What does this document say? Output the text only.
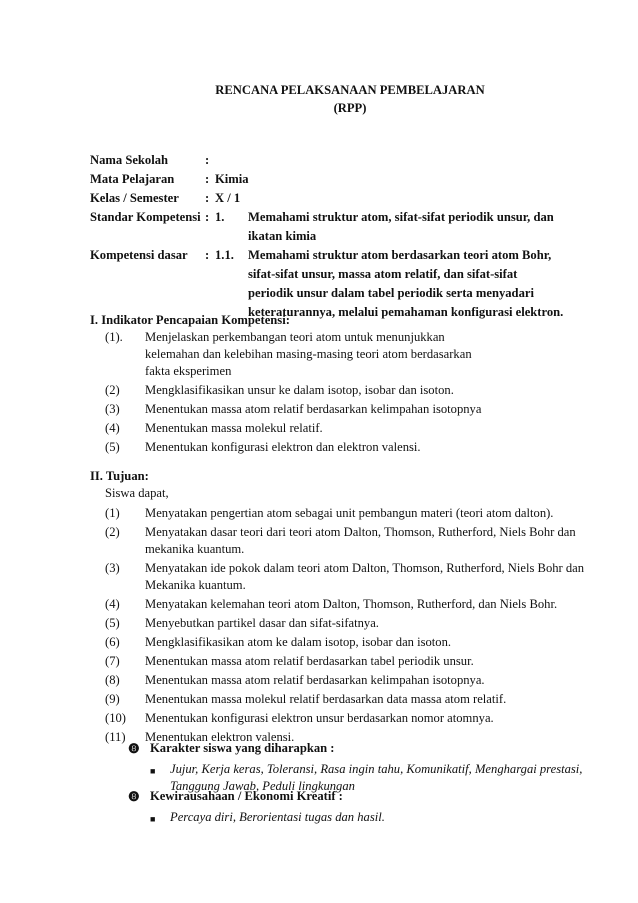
RENCANA PELAKSANAAN PEMBELAJARAN
(RPP)
Nama Sekolah	:
Mata Pelajaran	: Kimia
Kelas / Semester	: X / 1
Standar Kompetensi : 1.	Memahami struktur atom, sifat-sifat periodik unsur, dan
ikatan kimia
Kompetensi dasar	: 1.1.	Memahami struktur atom berdasarkan teori atom Bohr,
sifat-sifat unsur, massa atom relatif, dan sifat-sifat
periodik unsur dalam tabel periodik serta menyadari
keteraturannya, melalui pemahaman konfigurasi elektron.
I. Indikator Pencapaian Kompetensi:
(1).	Menjelaskan perkembangan teori atom untuk menunjukkan
kelemahan dan kelebihan masing-masing teori atom berdasarkan
fakta eksperimen
(2)	Mengklasifikasikan unsur ke dalam isotop, isobar dan isoton.
(3)	Menentukan massa atom relatif berdasarkan kelimpahan isotopnya
(4)	Menentukan massa molekul relatif.
(5)	Menentukan konfigurasi elektron dan elektron valensi.
II. Tujuan:
Siswa dapat,
(1)	Menyatakan pengertian atom sebagai unit pembangun materi (teori atom dalton).
(2)	Menyatakan dasar teori dari teori atom Dalton, Thomson, Rutherford, Niels Bohr dan
mekanika kuantum.
(3)	Menyatakan ide pokok dalam teori atom Dalton, Thomson, Rutherford, Niels Bohr dan
Mekanika kuantum.
(4)	Menyatakan kelemahan teori atom Dalton, Thomson, Rutherford, dan Niels Bohr.
(5)	Menyebutkan partikel dasar dan sifat-sifatnya.
(6)	Mengklasifikasikan atom ke dalam isotop, isobar dan isoton.
(7)	Menentukan massa atom relatif berdasarkan tabel periodik unsur.
(8)	Menentukan massa atom relatif berdasarkan kelimpahan isotopnya.
(9)	Menentukan massa molekul relatif berdasarkan data massa atom relatif.
(10)	Menentukan konfigurasi elektron unsur berdasarkan nomor atomnya.
(11)	Menentukan elektron valensi.
❽ Karakter siswa yang diharapkan :
■	Jujur, Kerja keras, Toleransi, Rasa ingin tahu, Komunikatif, Menghargai prestasi,
Tanggung Jawab, Peduli lingkungan
❽ Kewirausahaan / Ekonomi Kreatif :
■	Percaya diri, Berorientasi tugas dan hasil.
